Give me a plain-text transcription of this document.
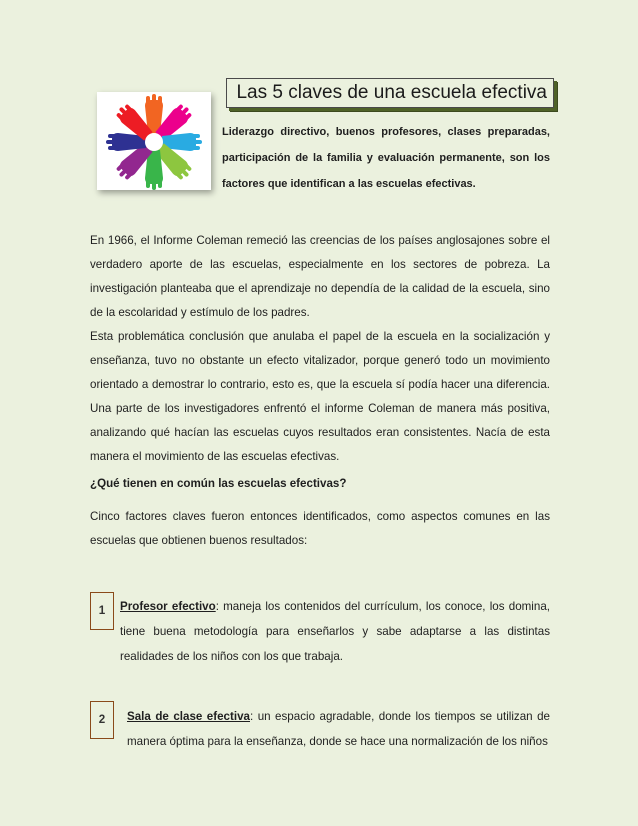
Las 5 claves de una escuela efectiva

Liderazgo directivo, buenos profesores, clases preparadas, participación de la familia y evaluación permanente, son los factores que identifican a las escuelas efectivas.

En 1966, el Informe Coleman remeció las creencias de los países anglosajones sobre el verdadero aporte de las escuelas, especialmente en los sectores de pobreza. La investigación planteaba que el aprendizaje no dependía de la calidad de la escuela, sino de la escolaridad y estímulo de los padres.

Esta problemática conclusión que anulaba el papel de la escuela en la socialización y enseñanza, tuvo no obstante un efecto vitalizador, porque generó todo un movimiento orientado a demostrar lo contrario, esto es, que la escuela sí podía hacer una diferencia. Una parte de los investigadores enfrentó el informe Coleman de manera más positiva, analizando qué hacían las escuelas cuyos resultados eran consistentes. Nacía de esta manera el movimiento de las escuelas efectivas.

¿Qué tienen en común las escuelas efectivas?

Cinco factores claves fueron entonces identificados, como aspectos comunes en las escuelas que obtienen buenos resultados:

1	Profesor efectivo: maneja los contenidos del currículum, los conoce, los domina, tiene buena metodología para enseñarlos y sabe adaptarse a las distintas realidades de los niños con los que trabaja.

2	Sala de clase efectiva: un espacio agradable, donde los tiempos se utilizan de manera óptima para la enseñanza, donde se hace una normalización de los niños
